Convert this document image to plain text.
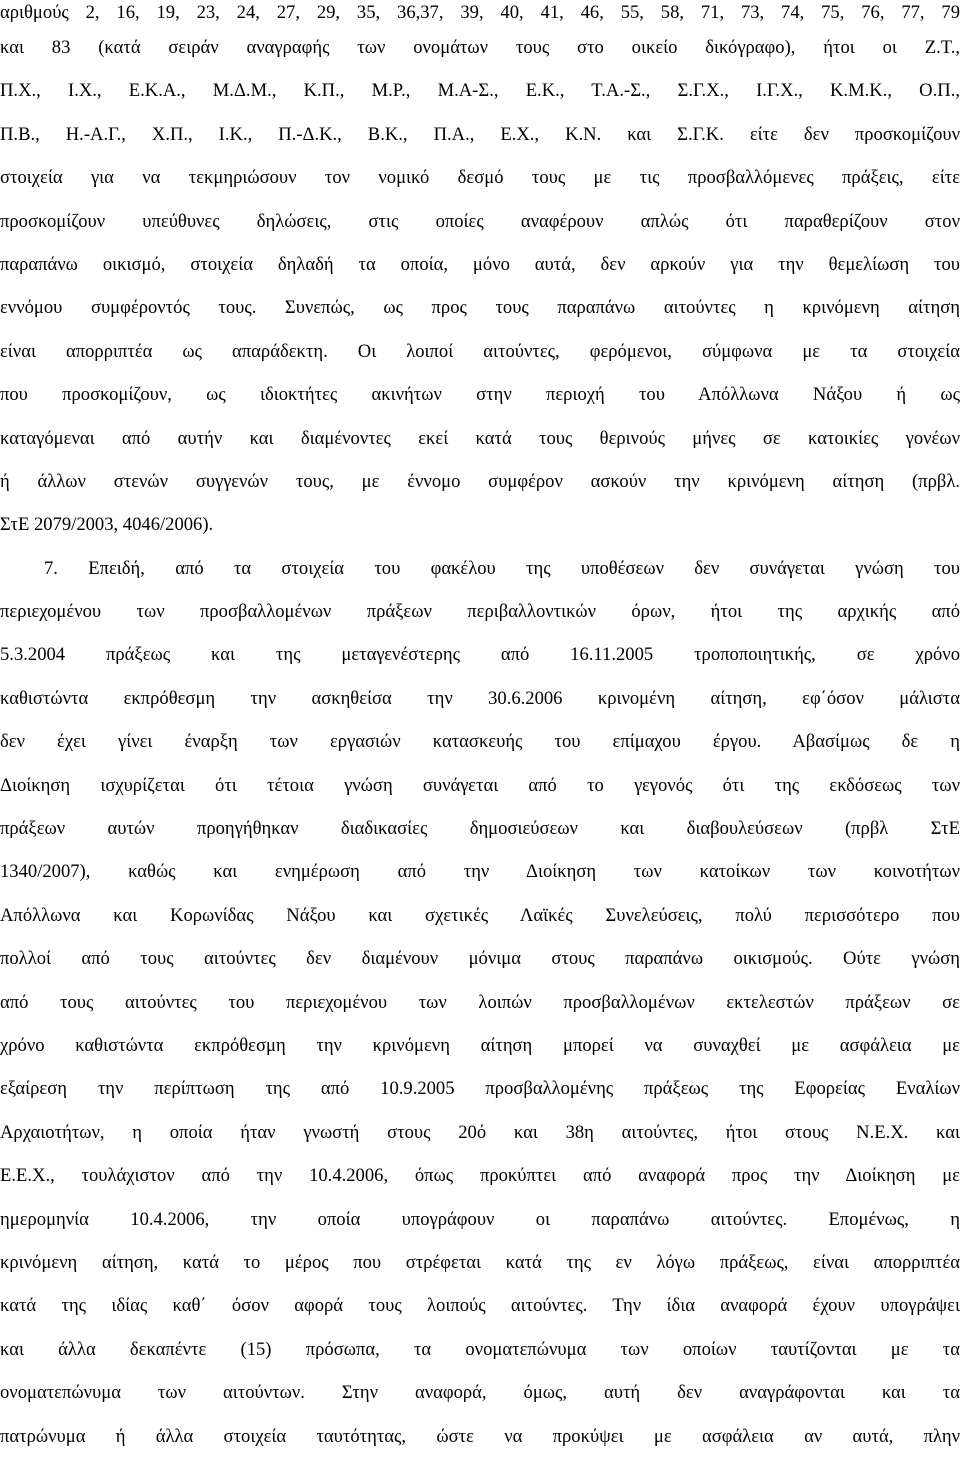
αριθμούς 2, 16, 19, 23, 24, 27, 29, 35, 36,37, 39, 40, 41, 46, 55, 58, 71, 73, 74, 75, 76, 77, 79
και 83 (κατά σειράν αναγραφής των ονομάτων τους στο οικείο δικόγραφο), ήτοι οι Ζ.Τ.,
Π.Χ., Ι.Χ., Ε.Κ.Α., Μ.Δ.Μ., Κ.Π., Μ.Ρ., Μ.Α-Σ., Ε.Κ., Τ.Α.-Σ., Σ.Γ.Χ., Ι.Γ.Χ., Κ.Μ.Κ., Ο.Π.,
Π.Β., Η.-Α.Γ., Χ.Π., Ι.Κ., Π.-Δ.Κ., Β.Κ., Π.Α., Ε.Χ., Κ.Ν. και Σ.Γ.Κ. είτε δεν προσκομίζουν
στοιχεία για να τεκμηριώσουν τον νομικό δεσμό τους με τις προσβαλλόμενες πράξεις, είτε
προσκομίζουν υπεύθυνες δηλώσεις, στις οποίες αναφέρουν απλώς ότι παραθερίζουν στον
παραπάνω οικισμό, στοιχεία δηλαδή τα οποία, μόνο αυτά, δεν αρκούν για την θεμελίωση του
εννόμου συμφέροντός τους. Συνεπώς, ως προς τους παραπάνω αιτούντες η κρινόμενη αίτηση
είναι απορριπτέα ως απαράδεκτη. Οι λοιποί αιτούντες, φερόμενοι, σύμφωνα με τα στοιχεία
που προσκομίζουν, ως ιδιοκτήτες ακινήτων στην περιοχή του Απόλλωνα Νάξου ή ως
καταγόμεναι από αυτήν και διαμένοντες εκεί κατά τους θερινούς μήνες σε κατοικίες γονέων
ή άλλων στενών συγγενών τους, με έννομο συμφέρον ασκούν την κρινόμενη αίτηση (πρβλ.
ΣτΕ 2079/2003, 4046/2006).
7. Επειδή, από τα στοιχεία του φακέλου της υποθέσεων δεν συνάγεται γνώση του
περιεχομένου των προσβαλλομένων πράξεων περιβαλλοντικών όρων, ήτοι της αρχικής από
5.3.2004 πράξεως και της μεταγενέστερης από 16.11.2005 τροποποιητικής, σε χρόνο
καθιστώντα εκπρόθεσμη την ασκηθείσα την 30.6.2006 κρινομένη αίτηση, εφ΄όσον μάλιστα
δεν έχει γίνει έναρξη των εργασιών κατασκευής του επίμαχου έργου. Αβασίμως δε η
Διοίκηση ισχυρίζεται ότι τέτοια γνώση συνάγεται από το γεγονός ότι της εκδόσεως των
πράξεων αυτών προηγήθηκαν διαδικασίες δημοσιεύσεων και διαβουλεύσεων (πρβλ ΣτΕ
1340/2007), καθώς και ενημέρωση από την Διοίκηση των κατοίκων των κοινοτήτων
Απόλλωνα και Κορωνίδας Νάξου και σχετικές Λαϊκές Συνελεύσεις, πολύ περισσότερο που
πολλοί από τους αιτούντες δεν διαμένουν μόνιμα στους παραπάνω οικισμούς. Ούτε γνώση
από τους αιτούντες του περιεχομένου των λοιπών προσβαλλομένων εκτελεστών πράξεων σε
χρόνο καθιστώντα εκπρόθεσμη την κρινόμενη αίτηση μπορεί να συναχθεί με ασφάλεια με
εξαίρεση την περίπτωση της από 10.9.2005 προσβαλλομένης πράξεως της Εφορείας Εναλίων
Αρχαιοτήτων, η οποία ήταν γνωστή στους 20ό και 38η αιτούντες, ήτοι στους Ν.Ε.Χ. και
Ε.Ε.Χ., τουλάχιστον από την 10.4.2006, όπως προκύπτει από αναφορά προς την Διοίκηση με
ημερομηνία 10.4.2006, την οποία υπογράφουν οι παραπάνω αιτούντες. Επομένως, η
κρινόμενη αίτηση, κατά το μέρος που στρέφεται κατά της εν λόγω πράξεως, είναι απορριπτέα
κατά της ιδίας καθ΄ όσον αφορά τους λοιπούς αιτούντες. Την ίδια αναφορά έχουν υπογράψει
και άλλα δεκαπέντε (15) πρόσωπα, τα ονοματεπώνυμα των οποίων ταυτίζονται με τα
ονοματεπώνυμα των αιτούντων. Στην αναφορά, όμως, αυτή δεν αναγράφονται και τα
πατρώνυμα ή άλλα στοιχεία ταυτότητας, ώστε να προκύψει με ασφάλεια αν αυτά, πλην
